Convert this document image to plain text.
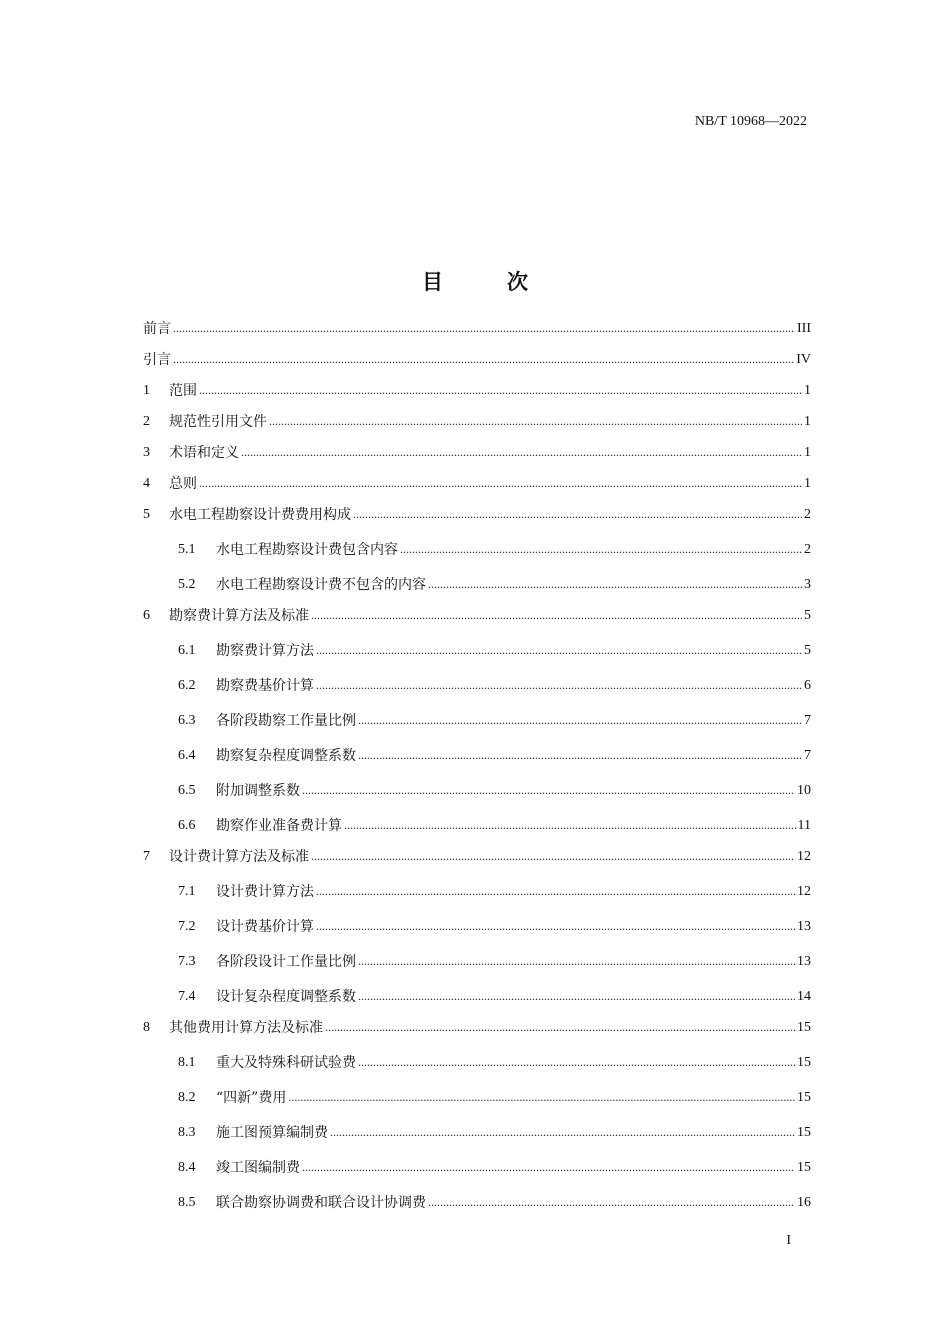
NB/T 10968—2022
目次
前言 .....	III
引言 .....	IV
1	范围 .....	1
2	规范性引用文件 .....	1
3	术语和定义 .....	1
4	总则 .....	1
5	水电工程勘察设计费费用构成 .....	2
5.1	水电工程勘察设计费包含内容 .....	2
5.2	水电工程勘察设计费不包含的内容 .....	3
6	勘察费计算方法及标准 .....	5
6.1	勘察费计算方法 .....	5
6.2	勘察费基价计算 .....	6
6.3	各阶段勘察工作量比例 .....	7
6.4	勘察复杂程度调整系数 .....	7
6.5	附加调整系数 .....	10
6.6	勘察作业准备费计算 .....	11
7	设计费计算方法及标准 .....	12
7.1	设计费计算方法 .....	12
7.2	设计费基价计算 .....	13
7.3	各阶段设计工作量比例 .....	13
7.4	设计复杂程度调整系数 .....	14
8	其他费用计算方法及标准 .....	15
8.1	重大及特殊科研试验费 .....	15
8.2	“四新”费用 .....	15
8.3	施工图预算编制费 .....	15
8.4	竣工图编制费 .....	15
8.5	联合勘察协调费和联合设计协调费 .....	16
I
